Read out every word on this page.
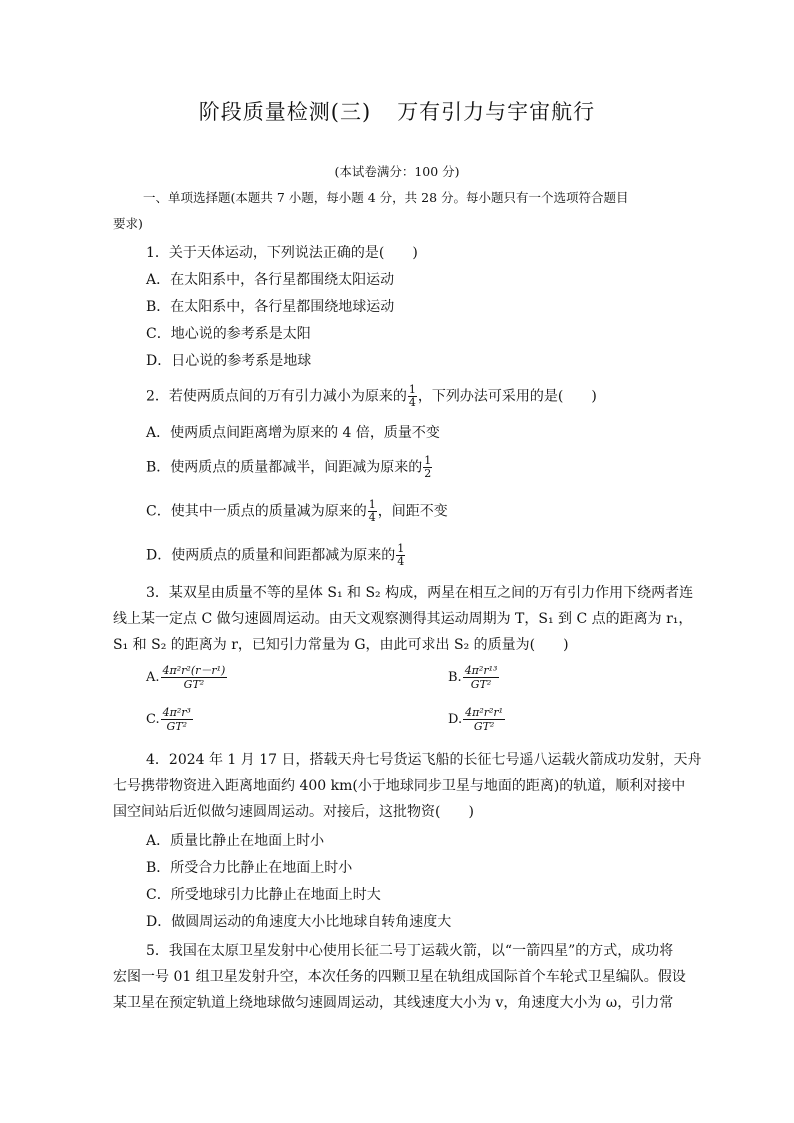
阶段质量检测(三) 万有引力与宇宙航行
(本试卷满分：100 分)
一、单项选择题(本题共 7 小题，每小题 4 分，共 28 分。每小题只有一个选项符合题目
要求)
1．关于天体运动，下列说法正确的是(　　)
A．在太阳系中，各行星都围绕太阳运动
B．在太阳系中，各行星都围绕地球运动
C．地心说的参考系是太阳
D．日心说的参考系是地球
2．若使两质点间的万有引力减小为原来的 $\frac{1}{4}$ ，下列办法可采用的是(　　)
A．使两质点间距离增为原来的 4 倍，质量不变
B．使两质点的质量都减半，间距减为原来的 $\frac{1}{2}$
C．使其中一质点的质量减为原来的 $\frac{1}{4}$ ，间距不变
D．使两质点的质量和间距都减为原来的 $\frac{1}{4}$
3．某双星由质量不等的星体 S₁ 和 S₂ 构成，两星在相互之间的万有引力作用下绕两者连
线上某一定点 C 做匀速圆周运动。由天文观察测得其运动周期为 T，S₁ 到 C 点的距离为 r₁，
S₁ 和 S₂ 的距离为 r，已知引力常量为 G，由此可求出 S₂ 的质量为(　　)
A. $\frac{\text{4π²r²(r－r¹)}}{\text{GT²}}$	B. $\frac{\text{4π²r¹³}}{\text{GT²}}$
C. $\frac{\text{4π²r³}}{\text{GT²}}$	D. $\frac{\text{4π²r²r¹}}{\text{GT²}}$
4．2024 年 1 月 17 日，搭载天舟七号货运飞船的长征七号遥八运载火箭成功发射，天舟
七号携带物资进入距离地面约 400 km(小于地球同步卫星与地面的距离)的轨道，顺利对接中
国空间站后近似做匀速圆周运动。对接后，这批物资(　　)
A．质量比静止在地面上时小
B．所受合力比静止在地面上时小
C．所受地球引力比静止在地面上时大
D．做圆周运动的角速度大小比地球自转角速度大
5．我国在太原卫星发射中心使用长征二号丁运载火箭，以“一箭四星”的方式，成功将
宏图一号 01 组卫星发射升空，本次任务的四颗卫星在轨组成国际首个车轮式卫星编队。假设
某卫星在预定轨道上绕地球做匀速圆周运动，其线速度大小为 v，角速度大小为 ω，引力常
